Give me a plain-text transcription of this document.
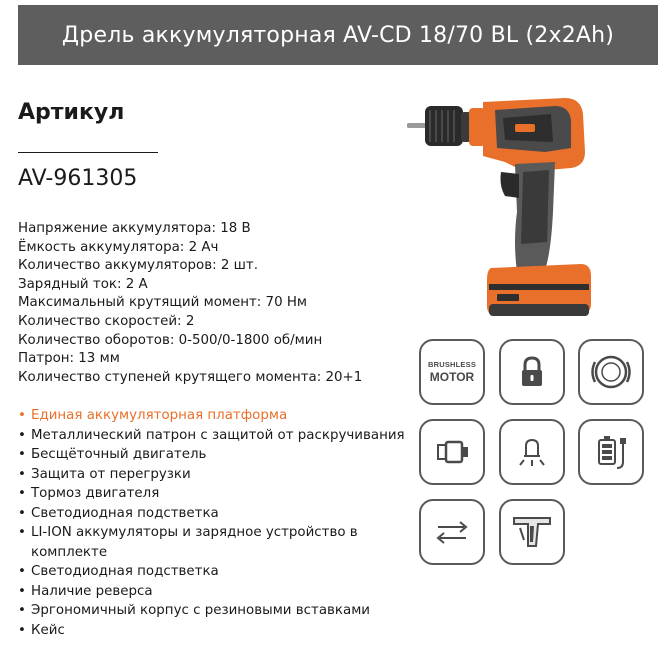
Дрель аккумуляторная AV-CD 18/70 BL (2x2Ah)
Артикул
AV-961305
Напряжение аккумулятора: 18 В
Ёмкость аккумулятора: 2 Ач
Количество аккумуляторов: 2 шт.
Зарядный ток: 2 А
Максимальный крутящий момент: 70 Нм
Количество скоростей: 2
Количество оборотов: 0-500/0-1800 об/мин
Патрон: 13 мм
Количество ступеней крутящего момента: 20+1
• Единая аккумуляторная платформа
• Металлический патрон с защитой от раскручивания
• Бесщёточный двигатель
• Защита от перегрузки
• Тормоз двигателя
• Светодиодная подстветка
• LI-ION аккумуляторы и зарядное устройство в комплекте
• Светодиодная подстветка
• Наличие реверса
• Эргономичный корпус с резиновыми вставками
• Кейс
BRUSHLESS
MOTOR
